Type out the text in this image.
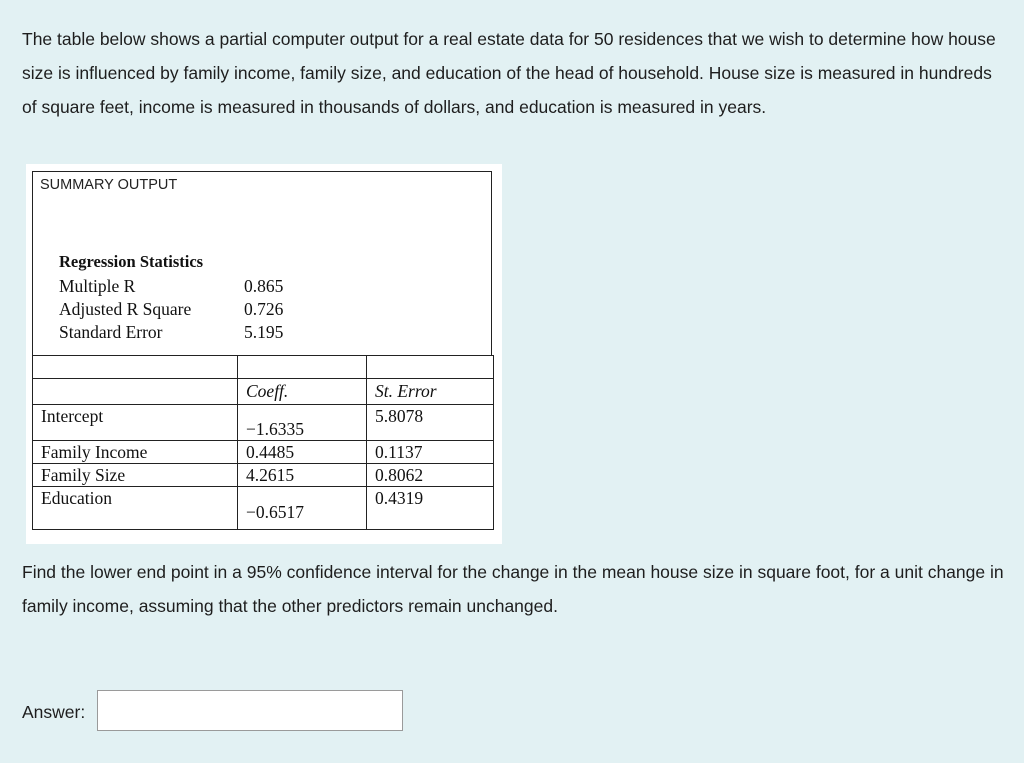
The table below shows a partial computer output for a real estate data for 50 residences that we wish to determine how house size is influenced by family income, family size, and education of the head of household. House size is measured in hundreds of square feet, income is measured in thousands of dollars, and education is measured in years.

SUMMARY OUTPUT
Regression Statistics
Multiple R	0.865
Adjusted R Square	0.726
Standard Error	5.195

	Coeff.	St. Error
Intercept	−1.6335	5.8078
Family Income	0.4485	0.1137
Family Size	4.2615	0.8062
Education	−0.6517	0.4319

Find the lower end point in a 95% confidence interval for the change in the mean house size in square foot, for a unit change in family income, assuming that the other predictors remain unchanged.

Answer:
